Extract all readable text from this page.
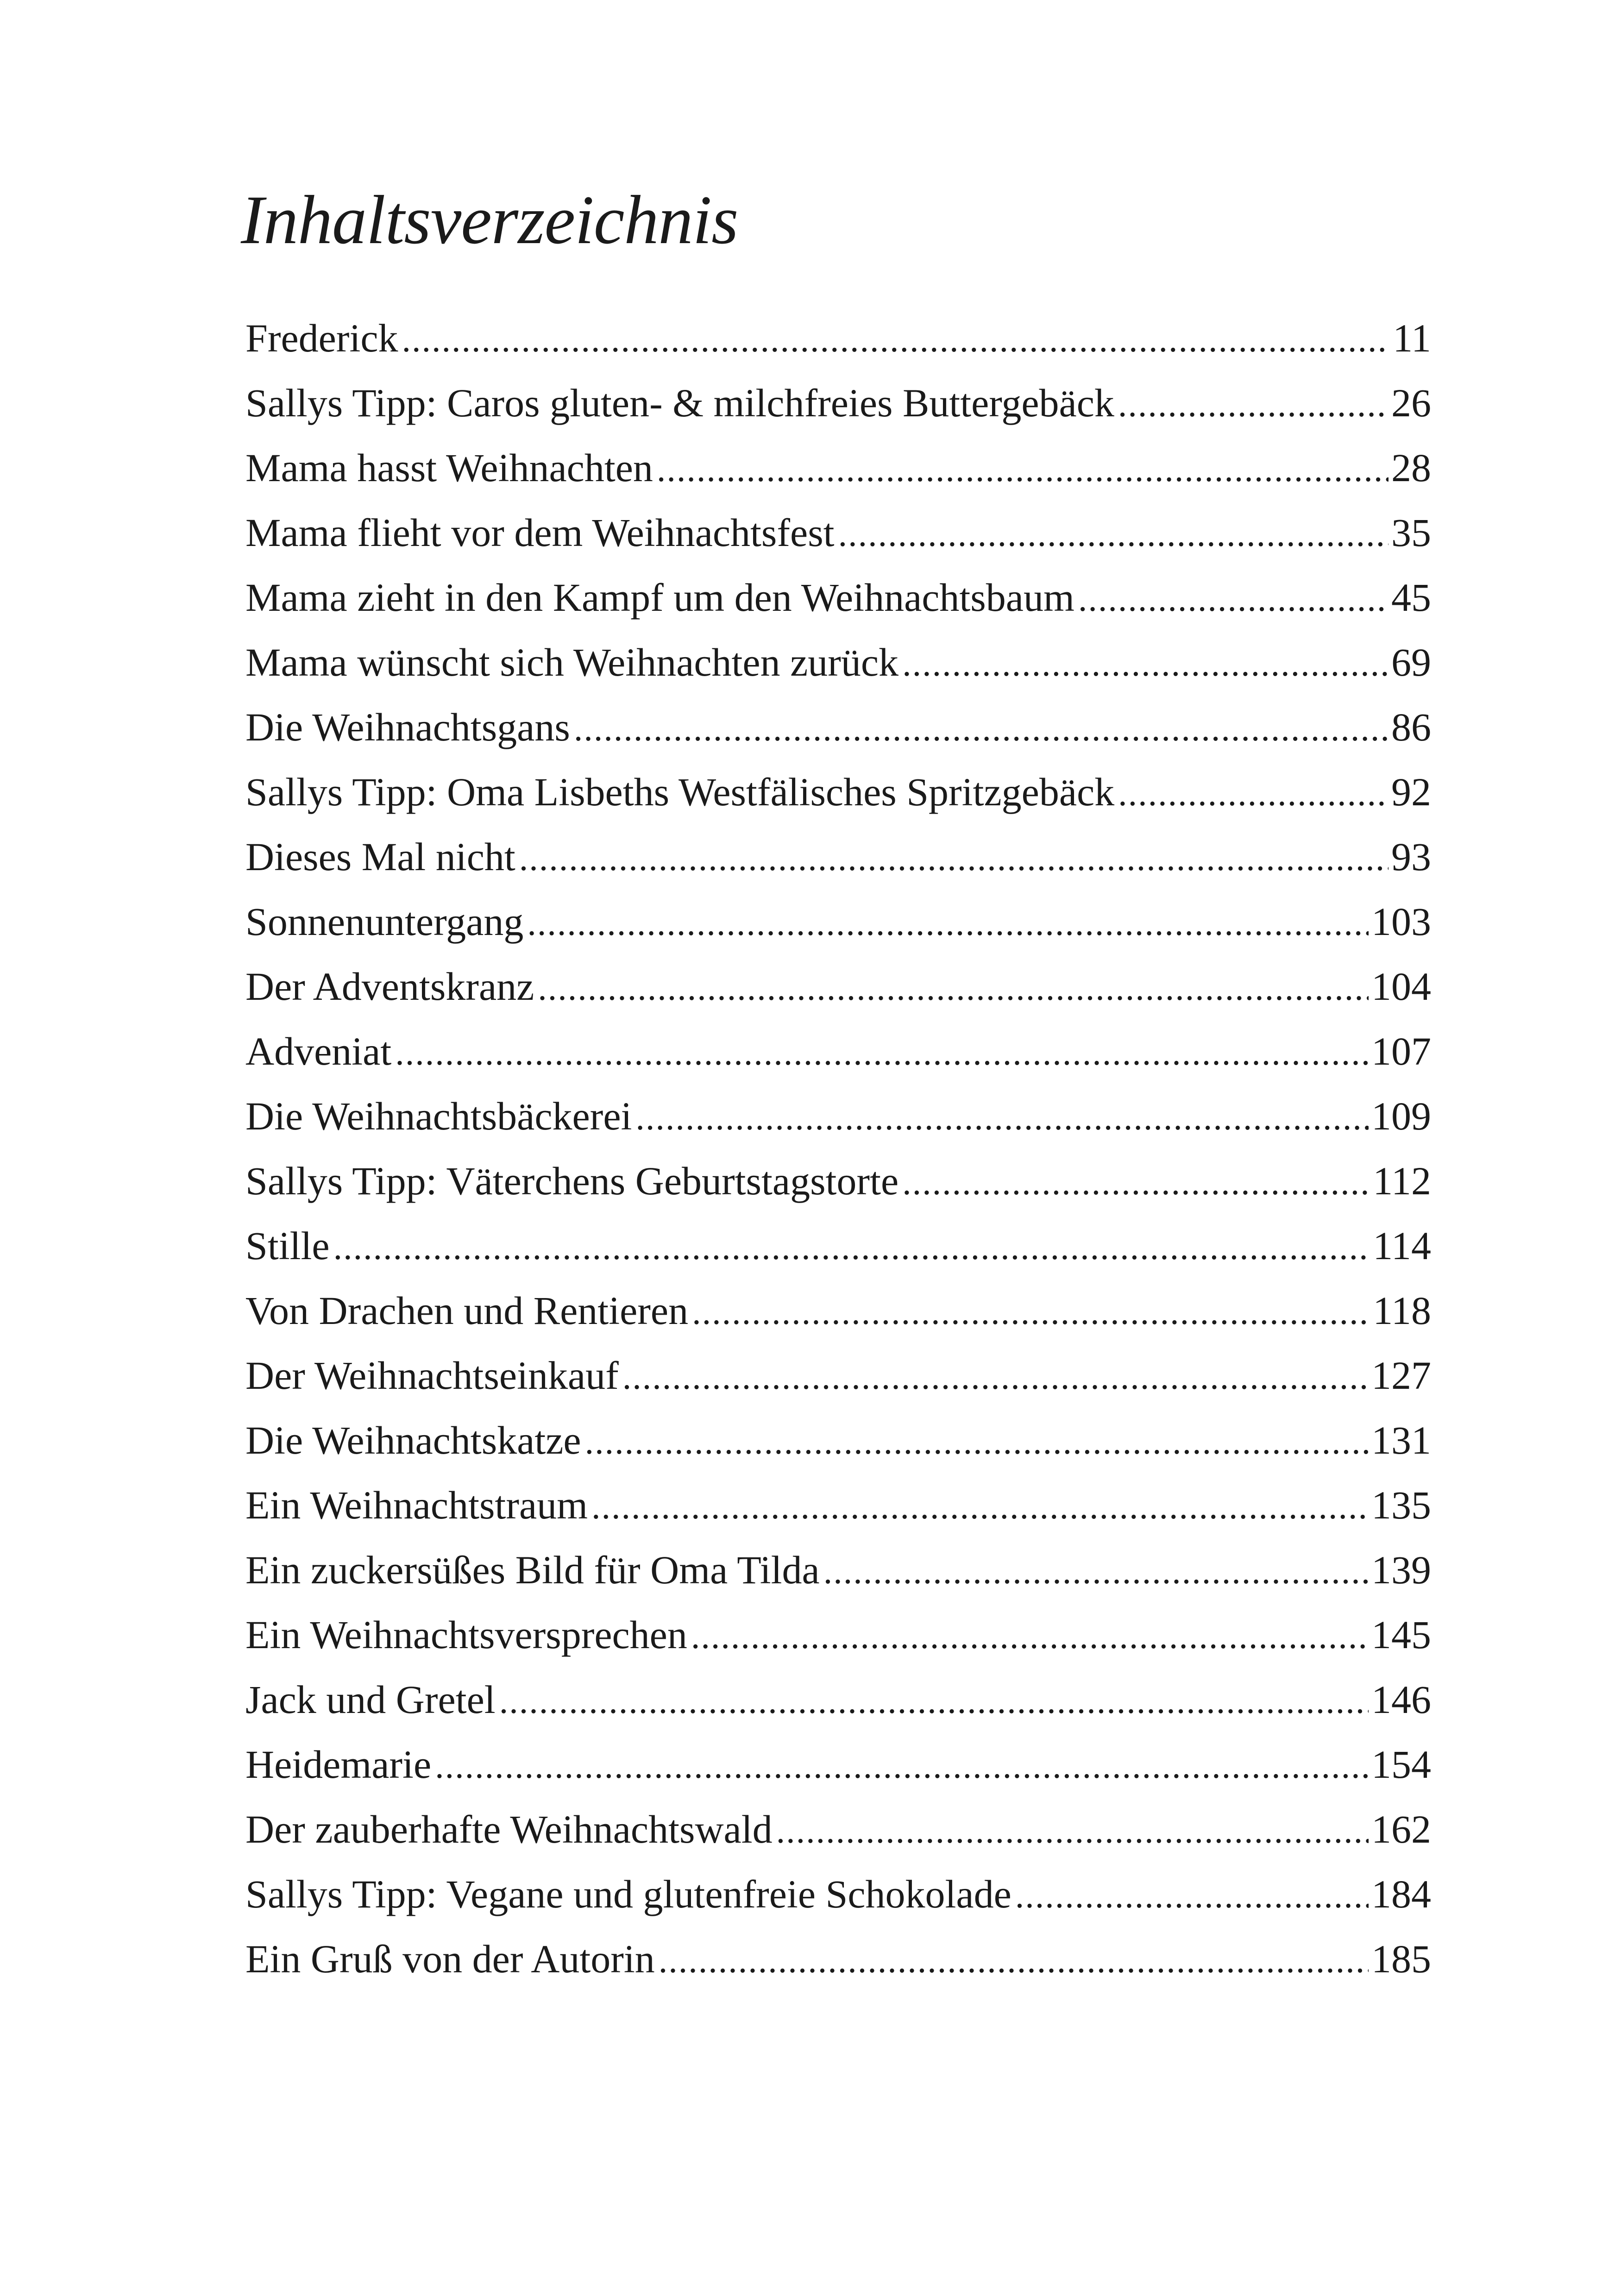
Inhaltsverzeichnis
Frederick .....	11
Sallys Tipp: Caros gluten- & milchfreies Buttergebäck .....	26
Mama hasst Weihnachten .....	28
Mama flieht vor dem Weihnachtsfest .....	35
Mama zieht in den Kampf um den Weihnachtsbaum .....	45
Mama wünscht sich Weihnachten zurück .....	69
Die Weihnachtsgans .....	86
Sallys Tipp: Oma Lisbeths Westfälisches Spritzgebäck .....	92
Dieses Mal nicht .....	93
Sonnenuntergang .....	103
Der Adventskranz .....	104
Adveniat .....	107
Die Weihnachtsbäckerei .....	109
Sallys Tipp: Väterchens Geburtstagstorte .....	112
Stille .....	114
Von Drachen und Rentieren .....	118
Der Weihnachtseinkauf .....	127
Die Weihnachtskatze .....	131
Ein Weihnachtstraum .....	135
Ein zuckersüßes Bild für Oma Tilda .....	139
Ein Weihnachtsversprechen .....	145
Jack und Gretel .....	146
Heidemarie .....	154
Der zauberhafte Weihnachtswald .....	162
Sallys Tipp: Vegane und glutenfreie Schokolade .....	184
Ein Gruß von der Autorin .....	185
